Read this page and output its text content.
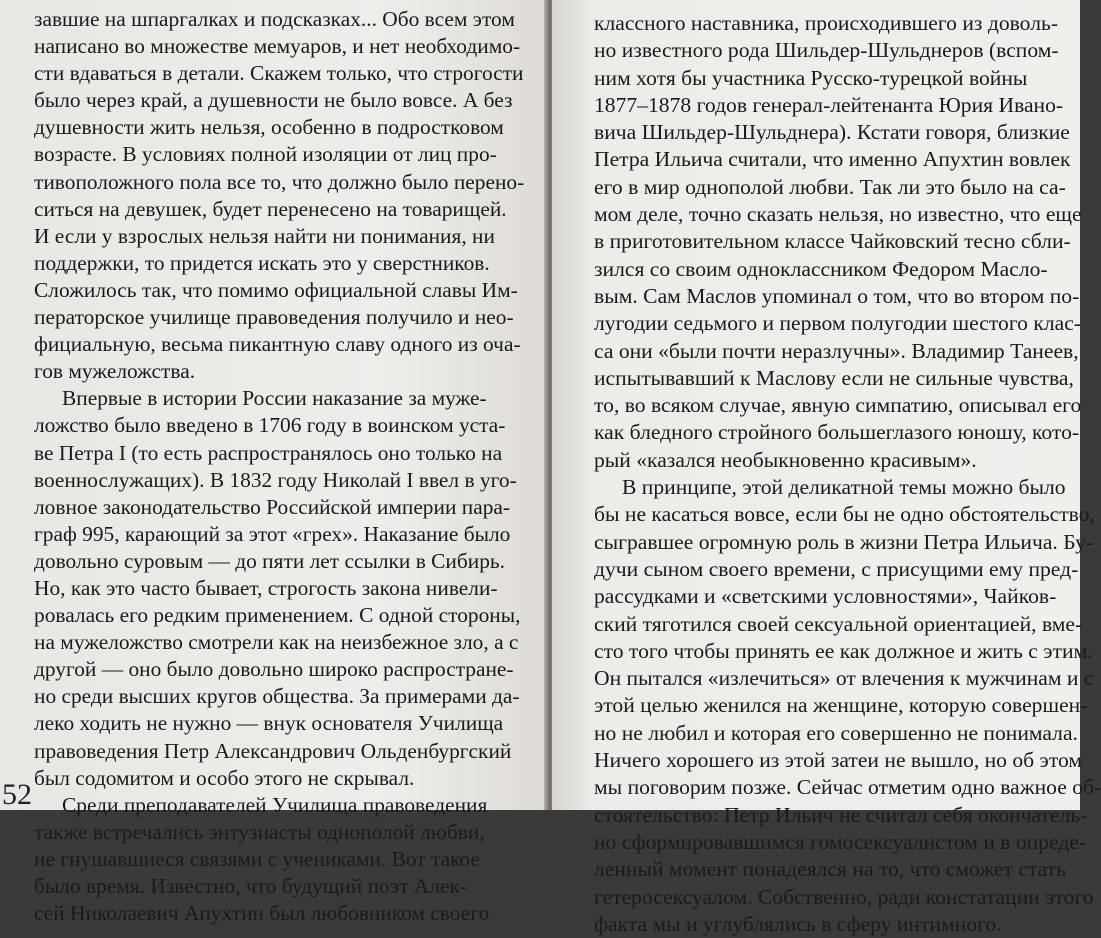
завшие на шпаргалках и подсказках... Обо всем этом
написано во множестве мемуаров, и нет необходимо-
сти вдаваться в детали. Скажем только, что строгости
было через край, а душевности не было вовсе. А без
душевности жить нельзя, особенно в подростковом
возрасте. В условиях полной изоляции от лиц про-
тивоположного пола все то, что должно было перено-
ситься на девушек, будет перенесено на товарищей.
И если у взрослых нельзя найти ни понимания, ни
поддержки, то придется искать это у сверстников.
Сложилось так, что помимо официальной славы Им-
ператорское училище правоведения получило и нео-
фициальную, весьма пикантную славу одного из оча-
гов мужеложства.

Впервые в истории России наказание за муже-
ложство было введено в 1706 году в воинском уста-
ве Петра I (то есть распространялось оно только на
военнослужащих). В 1832 году Николай I ввел в уго-
ловное законодательство Российской империи пара-
граф 995, карающий за этот «грех». Наказание было
довольно суровым — до пяти лет ссылки в Сибирь.
Но, как это часто бывает, строгость закона нивели-
ровалась его редким применением. С одной стороны,
на мужеложство смотрели как на неизбежное зло, а с
другой — оно было довольно широко распростране-
но среди высших кругов общества. За примерами да-
леко ходить не нужно — внук основателя Училища
правоведения Петр Александрович Ольденбургский
был содомитом и особо этого не скрывал.

Среди преподавателей Училища правоведения
также встречались энтузиасты однополой любви,
не гнушавшиеся связями с учениками. Вот такое
было время. Известно, что будущий поэт Алек-
сей Николаевич Апухтин был любовником своего

52

классного наставника, происходившего из доволь-
но известного рода Шильдер-Шульднеров (вспом-
ним хотя бы участника Русско-турецкой войны
1877–1878 годов генерал-лейтенанта Юрия Ивано-
вича Шильдер-Шульднера). Кстати говоря, близкие
Петра Ильича считали, что именно Апухтин вовлек
его в мир однополой любви. Так ли это было на са-
мом деле, точно сказать нельзя, но известно, что еще
в приготовительном классе Чайковский тесно сбли-
зился со своим одноклассником Федором Масло-
вым. Сам Маслов упоминал о том, что во втором по-
лугодии седьмого и первом полугодии шестого клас-
са они «были почти неразлучны». Владимир Танеев,
испытывавший к Маслову если не сильные чувства,
то, во всяком случае, явную симпатию, описывал его
как бледного стройного большеглазого юношу, кото-
рый «казался необыкновенно красивым».

В принципе, этой деликатной темы можно было
бы не касаться вовсе, если бы не одно обстоятельство,
сыгравшее огромную роль в жизни Петра Ильича. Бу-
дучи сыном своего времени, с присущими ему пред-
рассудками и «светскими условностями», Чайков-
ский тяготился своей сексуальной ориентацией, вме-
сто того чтобы принять ее как должное и жить с этим.
Он пытался «излечиться» от влечения к мужчинам и с
этой целью женился на женщине, которую совершен-
но не любил и которая его совершенно не понимала.
Ничего хорошего из этой затеи не вышло, но об этом
мы поговорим позже. Сейчас отметим одно важное об-
стоятельство: Петр Ильич не считал себя окончатель-
но сформировавшимся гомосексуалистом и в опреде-
ленный момент понадеялся на то, что сможет стать
гетеросексуалом. Собственно, ради констатации этого
факта мы и углублялись в сферу интимного.
